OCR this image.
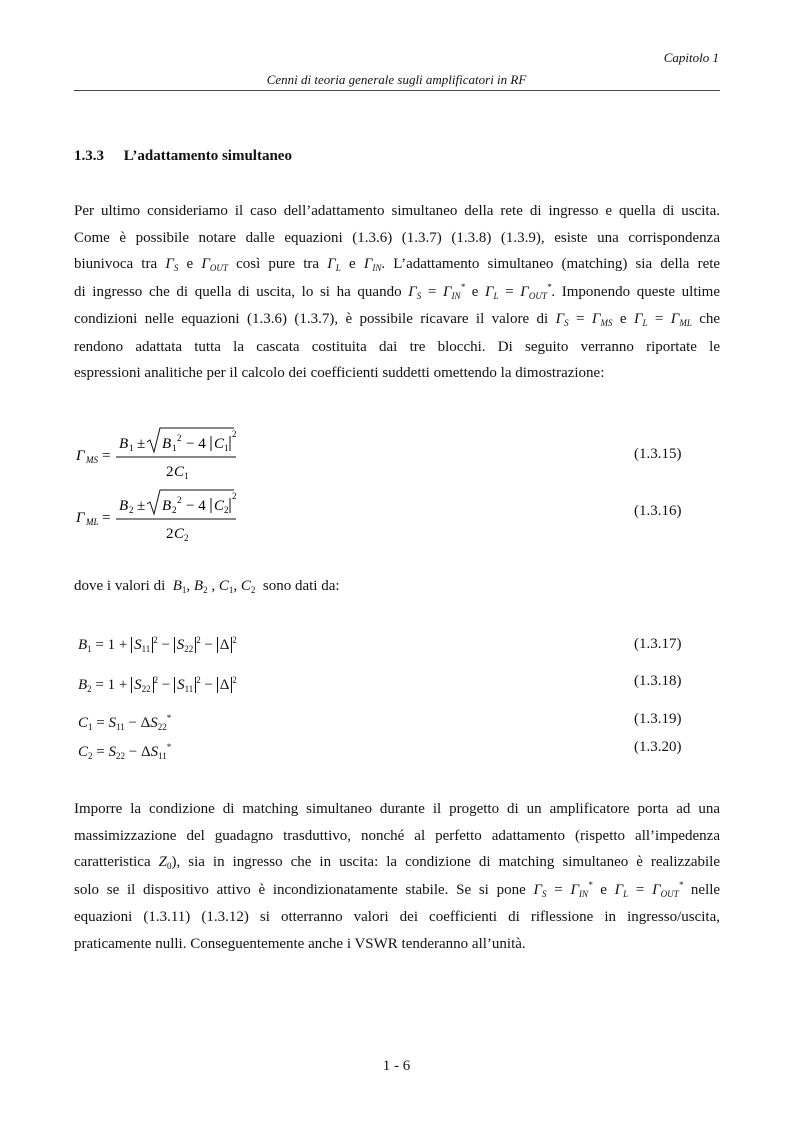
Capitolo 1
Cenni di teoria generale sugli amplificatori in RF
1.3.3 L’adattamento simultaneo
Per ultimo consideriamo il caso dell’adattamento simultaneo della rete di ingresso e quella di uscita.
Come è possibile notare dalle equazioni (1.3.6) (1.3.7) (1.3.8) (1.3.9), esiste una corrispondenza
biunivoca tra $\Gamma_S$ e $\Gamma_{OUT}$ così pure tra $\Gamma_L$ e $\Gamma_{IN}$. L’adattamento simultaneo (matching) sia della rete
di ingresso che di quella di uscita, lo si ha quando $\Gamma_S = \Gamma_{IN}^*$ e $\Gamma_L = \Gamma_{OUT}^*$. Imponendo queste ultime
condizioni nelle equazioni (1.3.6) (1.3.7), è possibile ricavare il valore di $\Gamma_S = \Gamma_{MS}$ e $\Gamma_L = \Gamma_{ML}$ che
rendono adattata tutta la cascata costituita dai tre blocchi. Di seguito verranno riportate le
espressioni analitiche per il calcolo dei coefficienti suddetti omettendo la dimostrazione:
Γ MS =
B 1 ± B 1
2 − 4 C 1
2
2 C 1
(1.3.15)
Γ ML =
B 2 ± B 2
2 − 4 C 2
2
2 C 2
(1.3.16)
dove i valori di  $B_1$, $B_2$ , $C_1$, $C_2$ sono dati da:
$B_1 = 1 + S_{11}^2 - S_{22}^2 - \Delta$ $^2$	(1.3.17)
$B_2 = 1 + S_{22}^2 - S_{11}^2 - \Delta$ $^2$	(1.3.18)
$C_1 = S_{11} - \Delta S_{22}^*$	(1.3.19)
$C_2 = S_{22} - \Delta S_{11}^*$	(1.3.20)
Imporre la condizione di matching simultaneo durante il progetto di un amplificatore porta ad una
massimizzazione del guadagno trasduttivo, nonché al perfetto adattamento (rispetto all’impedenza
caratteristica $Z_0$), sia in ingresso che in uscita: la condizione di matching simultaneo è realizzabile
solo se il dispositivo attivo è incondizionatamente stabile. Se si pone $\Gamma_S = \Gamma_{IN}^*$ e $\Gamma_L = \Gamma_{OUT}^*$ nelle
equazioni (1.3.11) (1.3.12) si otterranno valori dei coefficienti di riflessione in ingresso/uscita,
praticamente nulli. Conseguentemente anche i VSWR tenderanno all’unità.
1 - 6
